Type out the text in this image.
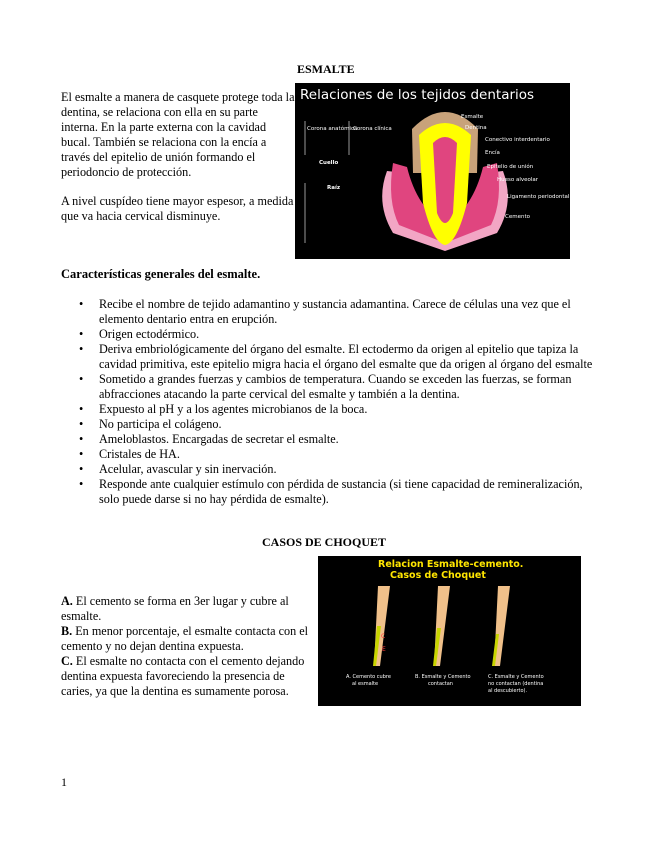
ESMALTE

El esmalte a manera de casquete protege toda la dentina, se relaciona con ella en su parte interna. En la parte externa con la cavidad bucal. También se relaciona con la encía a través del epitelio de unión formando el periodoncio de protección.

A nivel cuspídeo tiene mayor espesor, a medida que va hacia cervical disminuye.

Relaciones de los tejidos dentarios
Corona anatómica
Corona clínica
Cuello
Raíz
Esmalte
Dentina
Conectivo interdentario
Encía
Epitelio de unión
Hueso alveolar
Ligamento periodontal
Cemento
Características generales del esmalte.
• Recibe el nombre de tejido adamantino y sustancia adamantina. Carece de células una vez que el elemento dentario entra en erupción.
• Origen ectodérmico.
• Deriva embriológicamente del órgano del esmalte. El ectodermo da origen al epitelio que tapiza la cavidad primitiva, este epitelio migra hacia el órgano del esmalte que da origen al órgano del esmalte
• Sometido a grandes fuerzas y cambios de temperatura. Cuando se exceden las fuerzas, se forman abfracciones atacando la parte cervical del esmalte y también a la dentina.
• Expuesto al pH y a los agentes microbianos de la boca.
• No participa el colágeno.
• Ameloblastos. Encargadas de secretar el esmalte.
• Cristales de HA.
• Acelular, avascular y sin inervación.
• Responde ante cualquier estímulo con pérdida de sustancia (si tiene capacidad de remineralización, solo puede darse si no hay pérdida de esmalte).
CASOS DE CHOQUET

A. El cemento se forma en 3er lugar y cubre al esmalte.

B. En menor porcentaje, el esmalte contacta con el cemento y no dejan dentina expuesta.

C. El esmalte no contacta con el cemento dejando dentina expuesta favoreciendo la presencia de caries, ya que la dentina es sumamente porosa.

Relacion Esmalte-cemento.
Casos de Choquet
C
E
A. Cemento cubre
al esmalte
B. Esmalte y Cemento
contactan
C. Esmalte y Cemento
no contactan (dentina
al descubierto).
1
